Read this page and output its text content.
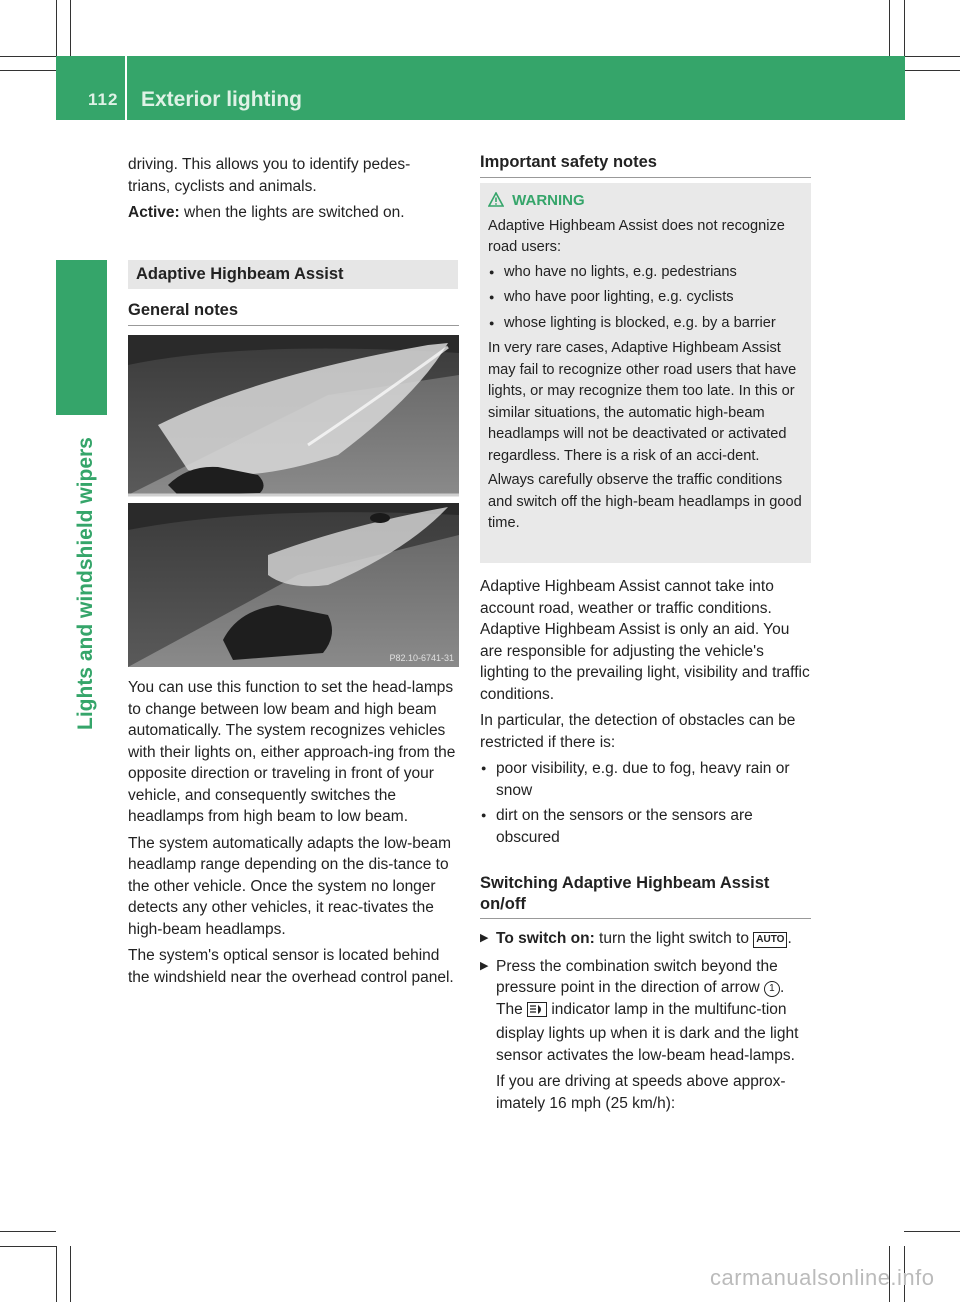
112 Exterior lighting
Lights and windshield wipers

driving. This allows you to identify pedes-trians, cyclists and animals.

Active: when the lights are switched on.

Adaptive Highbeam Assist
General notes
P82.10-6741-31

You can use this function to set the head-lamps to change between low beam and high beam automatically. The system recognizes vehicles with their lights on, either approach-ing from the opposite direction or traveling in front of your vehicle, and consequently switches the headlamps from high beam to low beam.

The system automatically adapts the low-beam headlamp range depending on the dis-tance to the other vehicle. Once the system no longer detects any other vehicles, it reac-tivates the high-beam headlamps.

The system's optical sensor is located behind the windshield near the overhead control panel.

Important safety notes
WARNING

Adaptive Highbeam Assist does not recognize road users:

● who have no lights, e.g. pedestrians
● who have poor lighting, e.g. cyclists
● whose lighting is blocked, e.g. by a barrier

In very rare cases, Adaptive Highbeam Assist may fail to recognize other road users that have lights, or may recognize them too late. In this or similar situations, the automatic high-beam headlamps will not be deactivated or activated regardless. There is a risk of an acci-dent.

Always carefully observe the traffic conditions and switch off the high-beam headlamps in good time.

Adaptive Highbeam Assist cannot take into account road, weather or traffic conditions. Adaptive Highbeam Assist is only an aid. You are responsible for adjusting the vehicle's lighting to the prevailing light, visibility and traffic conditions.

In particular, the detection of obstacles can be restricted if there is:

● poor visibility, e.g. due to fog, heavy rain or snow
● dirt on the sensors or the sensors are obscured
Switching Adaptive Highbeam Assist on/off
▶ To switch on: turn the light switch to AUTO .
▶ Press the combination switch beyond the pressure point in the direction of arrow 1 . The indicator lamp in the multifunc-tion display lights up when it is dark and the light sensor activates the low-beam head-lamps.
If you are driving at speeds above approx-imately 16 mph (25 km/h):
carmanualsonline.info
